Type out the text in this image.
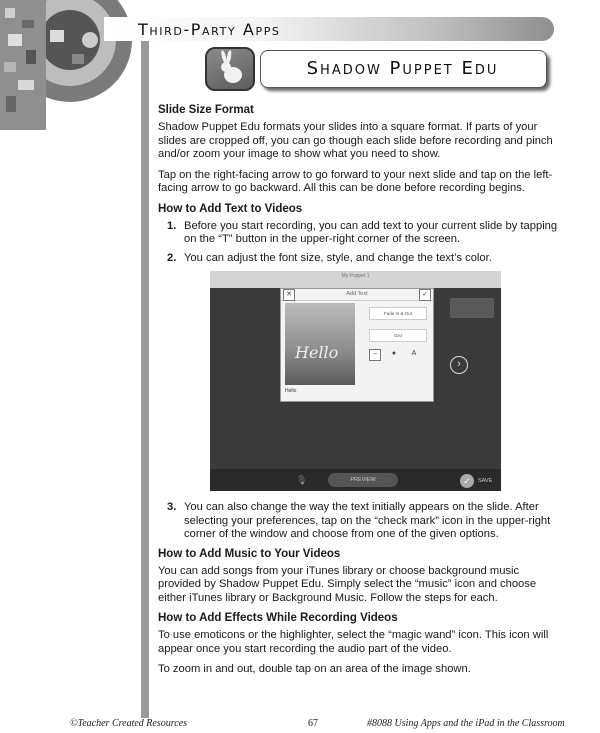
Third-Party Apps
Shadow Puppet Edu
Slide Size Format

Shadow Puppet Edu formats your slides into a square format. If parts of your slides are cropped off, you can go though each slide before recording and pinch and/or zoom your image to show what you need to show.

Tap on the right-facing arrow to go forward to your next slide and tap on the left-facing arrow to go backward. All this can be done before recording begins.

How to Add Text to Videos
1. Before you start recording, you can add text to your current slide by tapping on the “T” button in the upper-right corner of the screen.
2. You can adjust the font size, style, and change the text’s color.
My Puppet 1
Add Text
✕	✓
Hello
Fade In & Out
Gist
−	●	A
Hello
›
🎙	PREVIEW	✓	SAVE
3. You can also change the way the text initially appears on the slide. After selecting your preferences, tap on the “check mark” icon in the upper-right corner of the window and choose from one of the given options.
How to Add Music to Your Videos

You can add songs from your iTunes library or choose background music provided by Shadow Puppet Edu. Simply select the “music” icon and choose either iTunes library or Background Music. Follow the steps for each.

How to Add Effects While Recording Videos

To use emoticons or the highlighter, select the “magic wand” icon. This icon will appear once you start recording the audio part of the video.

To zoom in and out, double tap on an area of the image shown.

©Teacher Created Resources	67	#8088 Using Apps and the iPad in the Classroom
